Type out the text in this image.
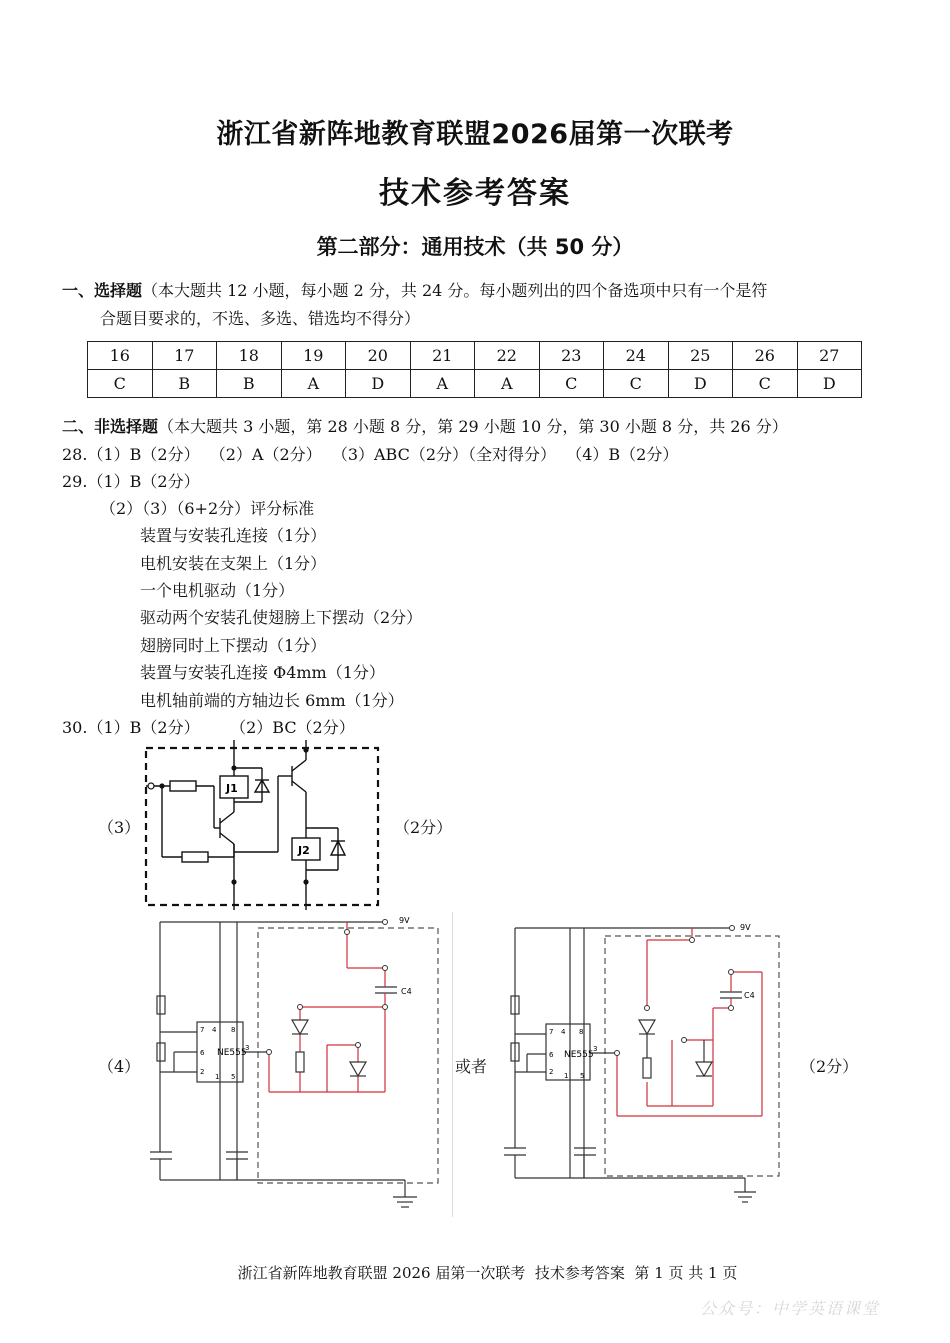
浙江省新阵地教育联盟2026届第一次联考
技术参考答案
第二部分：通用技术（共 50 分）
一、选择题（本大题共 12 小题，每小题 2 分，共 24 分。每小题列出的四个备选项中只有一个是符
合题目要求的，不选、多选、错选均不得分）
16	17	18	19	20	21	22	23	24	25	26	27
C	B	B	A	D	A	A	C	C	D	C	D
二、非选择题（本大题共 3 小题，第 28 小题 8 分，第 29 小题 10 分，第 30 小题 8 分，共 26 分）
28.（1）B（2分）  （2）A（2分）  （3）ABC（2分）（全对得分）  （4）B（2分）
29.（1）B（2分）
（2）（3）（6+2分）评分标准
装置与安装孔连接（1分）
电机安装在支架上（1分）
一个电机驱动（1分）
驱动两个安装孔使翅膀上下摆动（2分）
翅膀同时上下摆动（1分）
装置与安装孔连接 Φ4mm（1分）
电机轴前端的方轴边长 6mm（1分）
30.（1）B（2分）      （2）BC（2分）
（3）	（2分）
J1
J2
（4）	或者	（2分）
NE555
9V
C4
7 4 8
6
2
1 5
3
NE555
9V
C4
7 4 8
6
2 1 5
3
浙江省新阵地教育联盟 2026 届第一次联考  技术参考答案  第 1 页 共 1 页
公众号：中学英语课堂
